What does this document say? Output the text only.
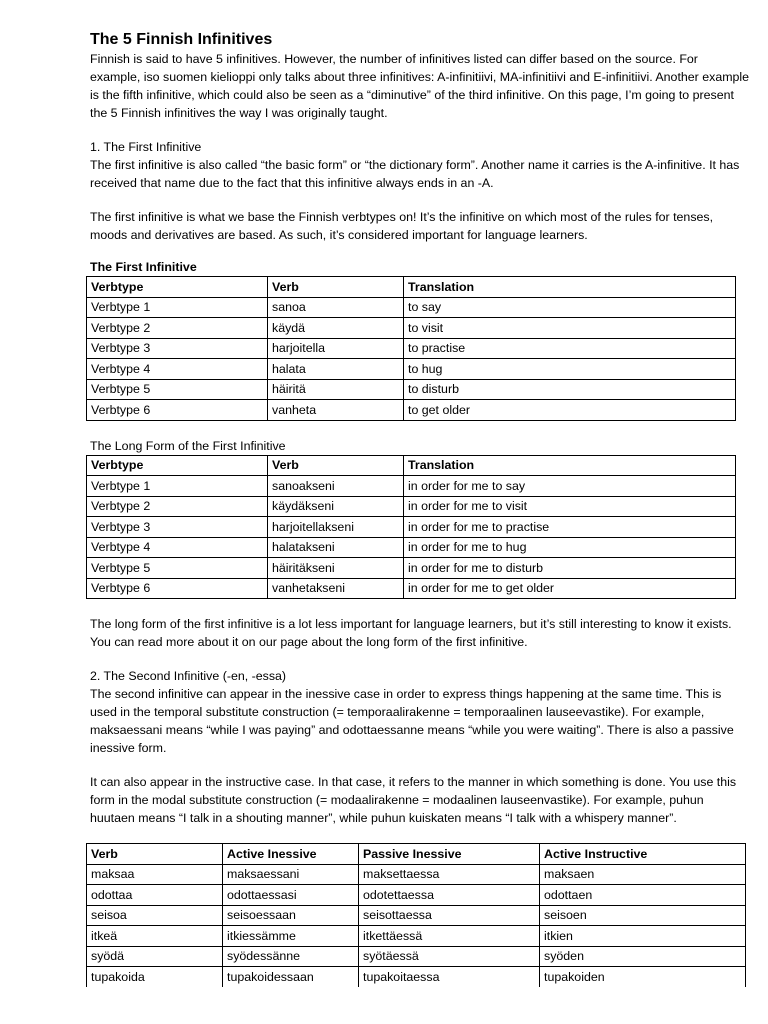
The 5 Finnish Infinitives

Finnish is said to have 5 infinitives. However, the number of infinitives listed can differ based on the source. For example, iso suomen kielioppi only talks about three infinitives: A-infinitiivi, MA-infinitiivi and E-infinitiivi. Another example is the fifth infinitive, which could also be seen as a “diminutive” of the third infinitive. On this page, I’m going to present the 5 Finnish infinitives the way I was originally taught.

1. The First Infinitive

The first infinitive is also called “the basic form” or “the dictionary form”. Another name it carries is the A-infinitive. It has received that name due to the fact that this infinitive always ends in an -A.

The first infinitive is what we base the Finnish verbtypes on! It’s the infinitive on which most of the rules for tenses, moods and derivatives are based. As such, it’s considered important for language learners.

The First Infinitive

Verbtype	Verb	Translation
Verbtype 1	sanoa	to say
Verbtype 2	käydä	to visit
Verbtype 3	harjoitella	to practise
Verbtype 4	halata	to hug
Verbtype 5	häiritä	to disturb
Verbtype 6	vanheta	to get older

The Long Form of the First Infinitive

Verbtype	Verb	Translation
Verbtype 1	sanoakseni	in order for me to say
Verbtype 2	käydäkseni	in order for me to visit
Verbtype 3	harjoitellakseni	in order for me to practise
Verbtype 4	halatakseni	in order for me to hug
Verbtype 5	häiritäkseni	in order for me to disturb
Verbtype 6	vanhetakseni	in order for me to get older

The long form of the first infinitive is a lot less important for language learners, but it’s still interesting to know it exists. You can read more about it on our page about the long form of the first infinitive.

2. The Second Infinitive (-en, -essa)

The second infinitive can appear in the inessive case in order to express things happening at the same time. This is used in the temporal substitute construction (= temporaalirakenne = temporaalinen lauseevastike). For example, maksaessani means “while I was paying” and odottaessanne means “while you were waiting”. There is also a passive inessive form.

It can also appear in the instructive case. In that case, it refers to the manner in which something is done. You use this form in the modal substitute construction (= modaalirakenne = modaalinen lauseenvastike). For example, puhun huutaen means “I talk in a shouting manner”, while puhun kuiskaten means “I talk with a whispery manner”.

Verb	Active Inessive	Passive Inessive	Active Instructive
maksaa	maksaessani	maksettaessa	maksaen
odottaa	odottaessasi	odotettaessa	odottaen
seisoa	seisoessaan	seisottaessa	seisoen
itkeä	itkiessämme	itkettäessä	itkien
syödä	syödessänne	syötäessä	syöden
tupakoida	tupakoidessaan	tupakoitaessa	tupakoiden
